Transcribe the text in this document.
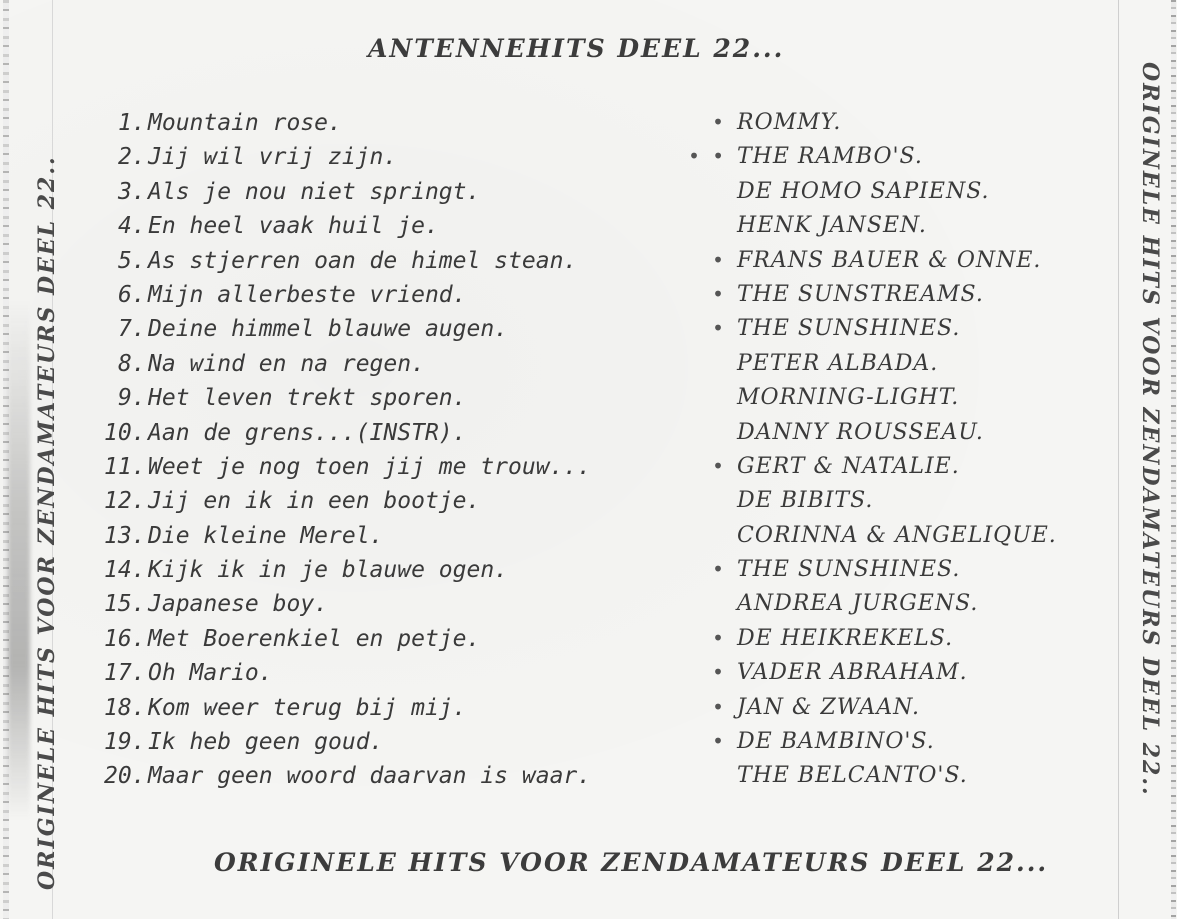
ORIGINELE HITS VOOR ZENDAMATEURS DEEL 22..	ORIGINELE HITS VOOR ZENDAMATEURS DEEL 22..
ANTENNEHITS DEEL 22...
1. Mountain rose.	• ROMMY.
2. Jij wil vrij zijn.	• • THE RAMBO'S.
3. Als je nou niet springt.	DE HOMO SAPIENS.
4. En heel vaak huil je.	HENK JANSEN.
5. As stjerren oan de himel stean.	• FRANS BAUER & ONNE.
6. Mijn allerbeste vriend.	• THE SUNSTREAMS.
7. Deine himmel blauwe augen.	• THE SUNSHINES.
8. Na wind en na regen.	PETER ALBADA.
9. Het leven trekt sporen.	MORNING-LIGHT.
10. Aan de grens...(INSTR).	DANNY ROUSSEAU.
11. Weet je nog toen jij me trouw...	• GERT & NATALIE.
12. Jij en ik in een bootje.	DE BIBITS.
13. Die kleine Merel.	CORINNA & ANGELIQUE.
14. Kijk ik in je blauwe ogen.	• THE SUNSHINES.
15. Japanese boy.	ANDREA JURGENS.
16. Met Boerenkiel en petje.	• DE HEIKREKELS.
17. Oh Mario.	• VADER ABRAHAM.
18. Kom weer terug bij mij.	• JAN & ZWAAN.
19. Ik heb geen goud.	• DE BAMBINO'S.
20. Maar geen woord daarvan is waar.	THE BELCANTO'S.
ORIGINELE HITS VOOR ZENDAMATEURS DEEL 22...
